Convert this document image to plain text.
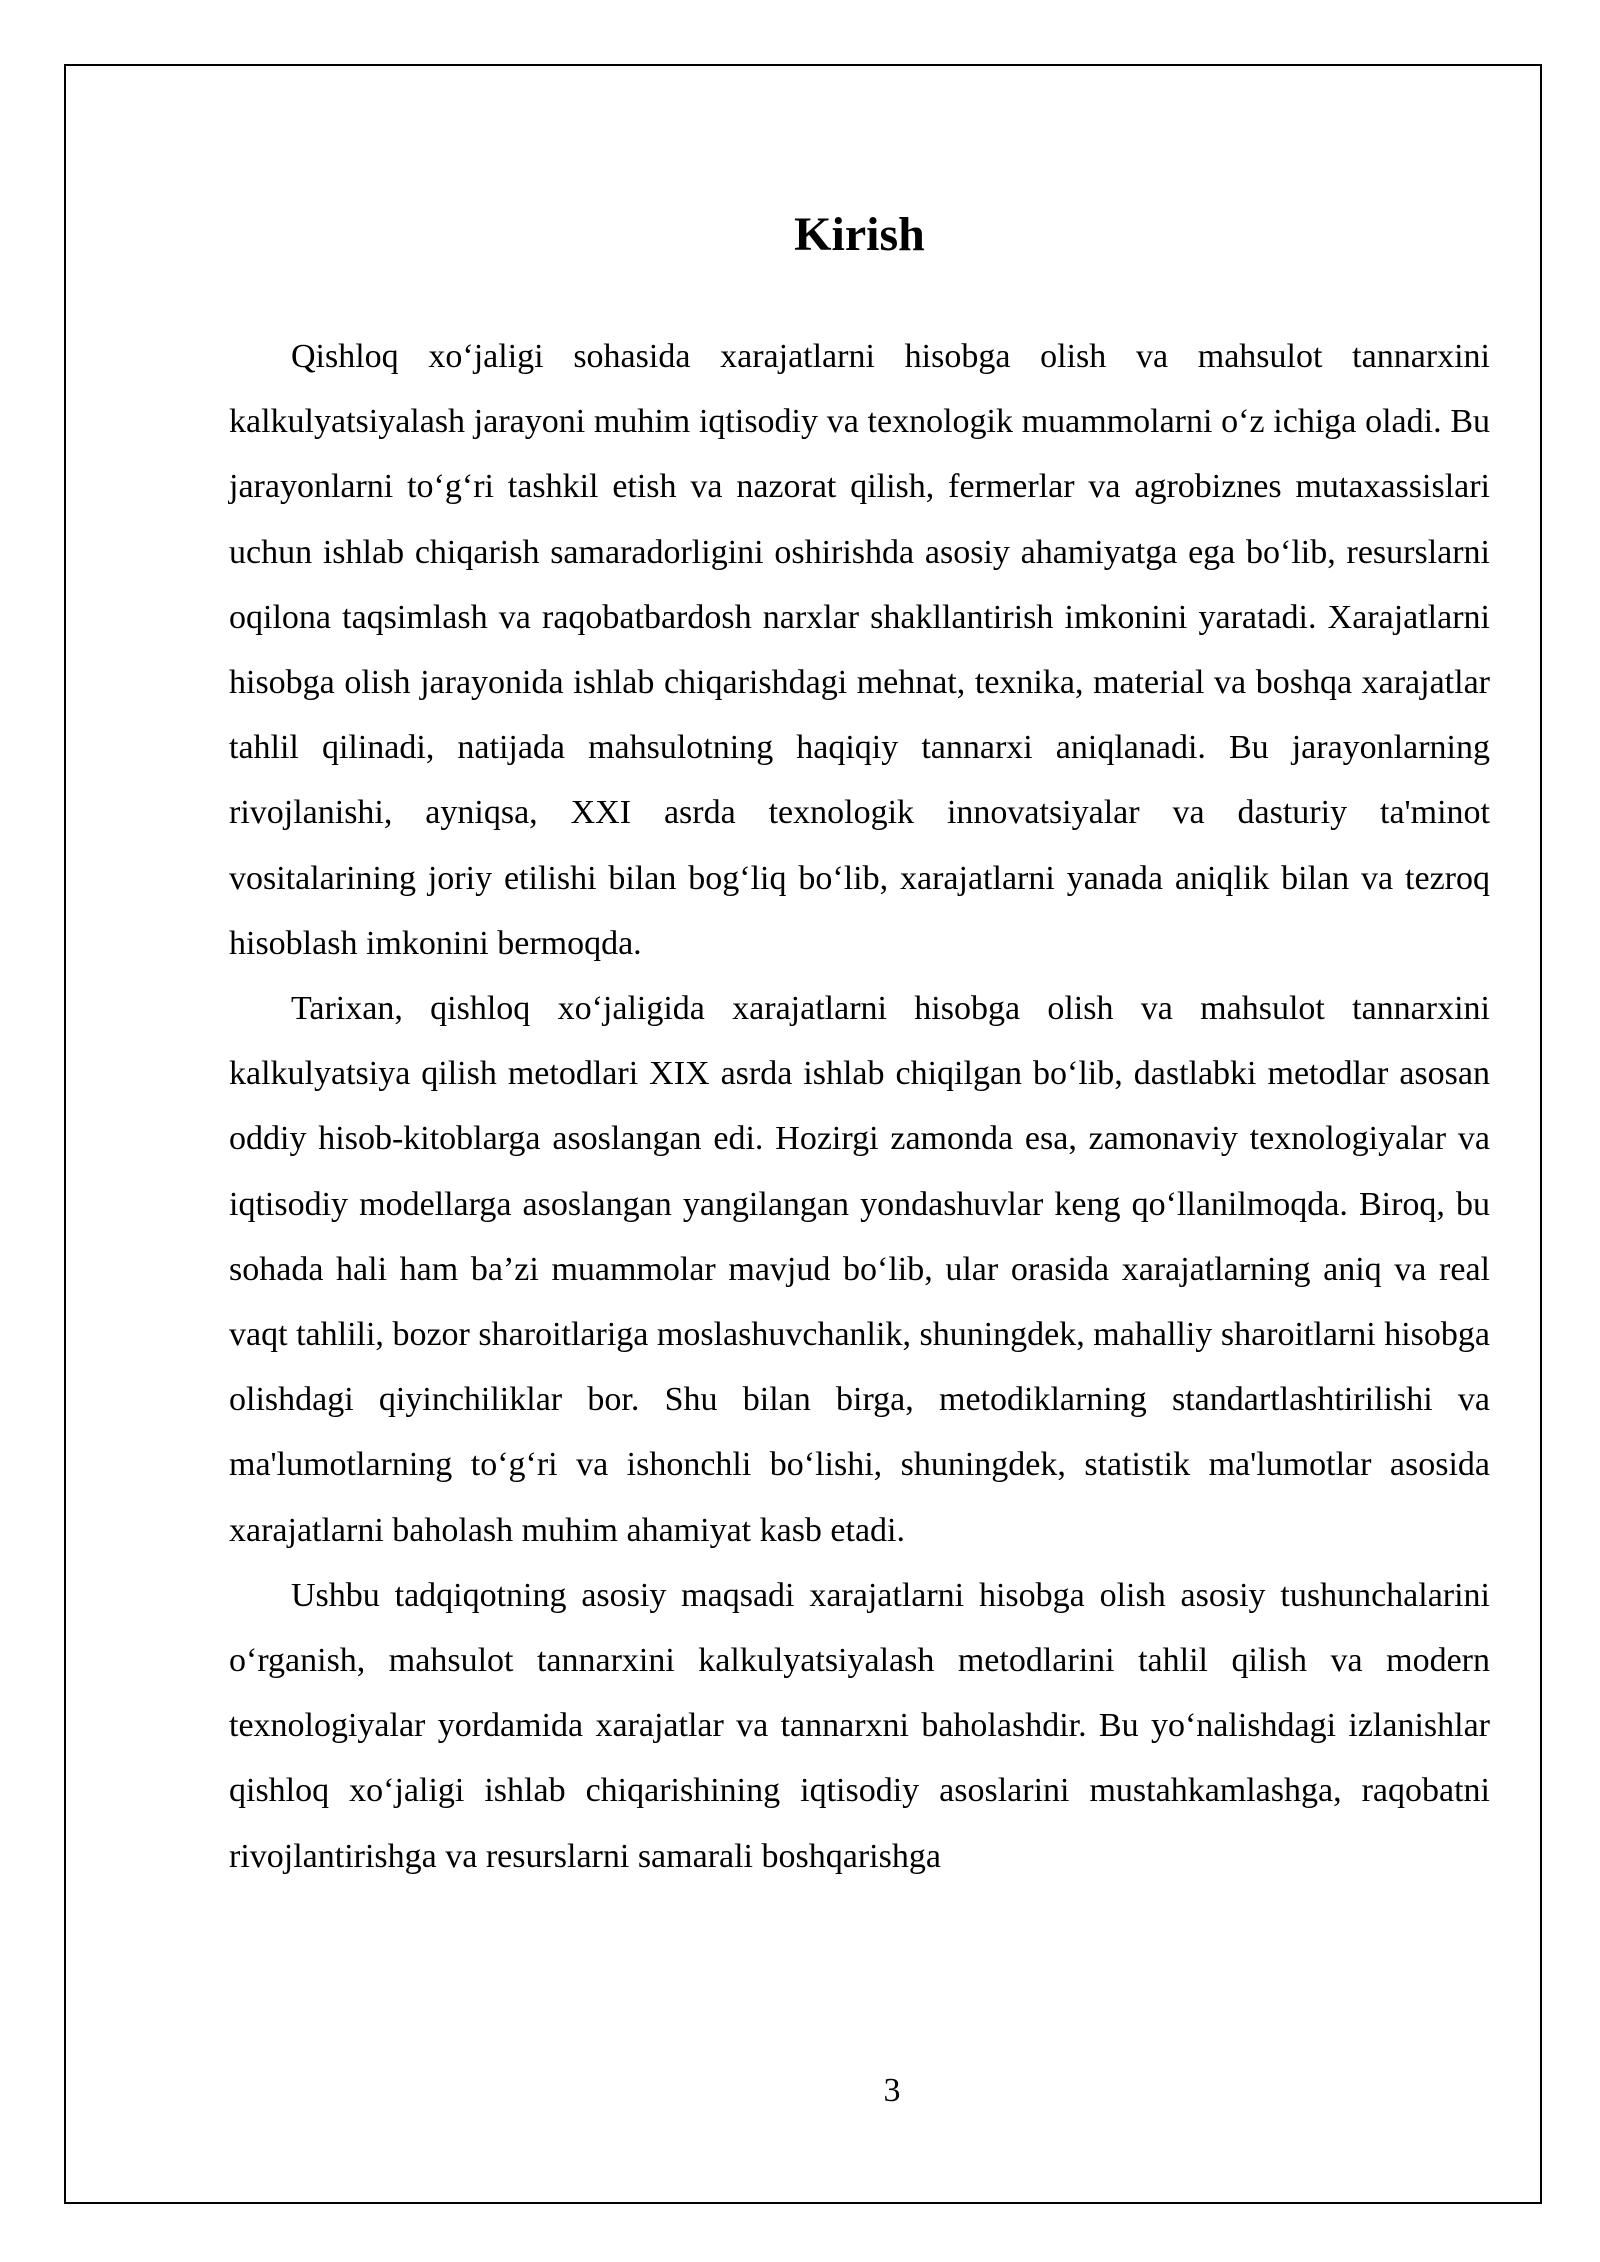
Kirish

Qishloq xo‘jaligi sohasida xarajatlarni hisobga olish va mahsulot tannarxini kalkulyatsiyalash jarayoni muhim iqtisodiy va texnologik muammolarni o‘z ichiga oladi. Bu jarayonlarni to‘g‘ri tashkil etish va nazorat qilish, fermerlar va agrobiznes mutaxassislari uchun ishlab chiqarish samaradorligini oshirishda asosiy ahamiyatga ega bo‘lib, resurslarni oqilona taqsimlash va raqobatbardosh narxlar shakllantirish imkonini yaratadi. Xarajatlarni hisobga olish jarayonida ishlab chiqarishdagi mehnat, texnika, material va boshqa xarajatlar tahlil qilinadi, natijada mahsulotning haqiqiy tannarxi aniqlanadi. Bu jarayonlarning rivojlanishi, ayniqsa, XXI asrda texnologik innovatsiyalar va dasturiy ta'minot vositalarining joriy etilishi bilan bog‘liq bo‘lib, xarajatlarni yanada aniqlik bilan va tezroq hisoblash imkonini bermoqda.

Tarixan, qishloq xo‘jaligida xarajatlarni hisobga olish va mahsulot tannarxini kalkulyatsiya qilish metodlari XIX asrda ishlab chiqilgan bo‘lib, dastlabki metodlar asosan oddiy hisob-kitoblarga asoslangan edi. Hozirgi zamonda esa, zamonaviy texnologiyalar va iqtisodiy modellarga asoslangan yangilangan yondashuvlar keng qo‘llanilmoqda. Biroq, bu sohada hali ham ba’zi muammolar mavjud bo‘lib, ular orasida xarajatlarning aniq va real vaqt tahlili, bozor sharoitlariga moslashuvchanlik, shuningdek, mahalliy sharoitlarni hisobga olishdagi qiyinchiliklar bor. Shu bilan birga, metodiklarning standartlashtirilishi va ma'lumotlarning to‘g‘ri va ishonchli bo‘lishi, shuningdek, statistik ma'lumotlar asosida xarajatlarni baholash muhim ahamiyat kasb etadi.

Ushbu tadqiqotning asosiy maqsadi xarajatlarni hisobga olish asosiy tushunchalarini o‘rganish, mahsulot tannarxini kalkulyatsiyalash metodlarini tahlil qilish va modern texnologiyalar yordamida xarajatlar va tannarxni baholashdir. Bu yo‘nalishdagi izlanishlar qishloq xo‘jaligi ishlab chiqarishining iqtisodiy asoslarini mustahkamlashga, raqobatni rivojlantirishga va resurslarni samarali boshqarishga

3
